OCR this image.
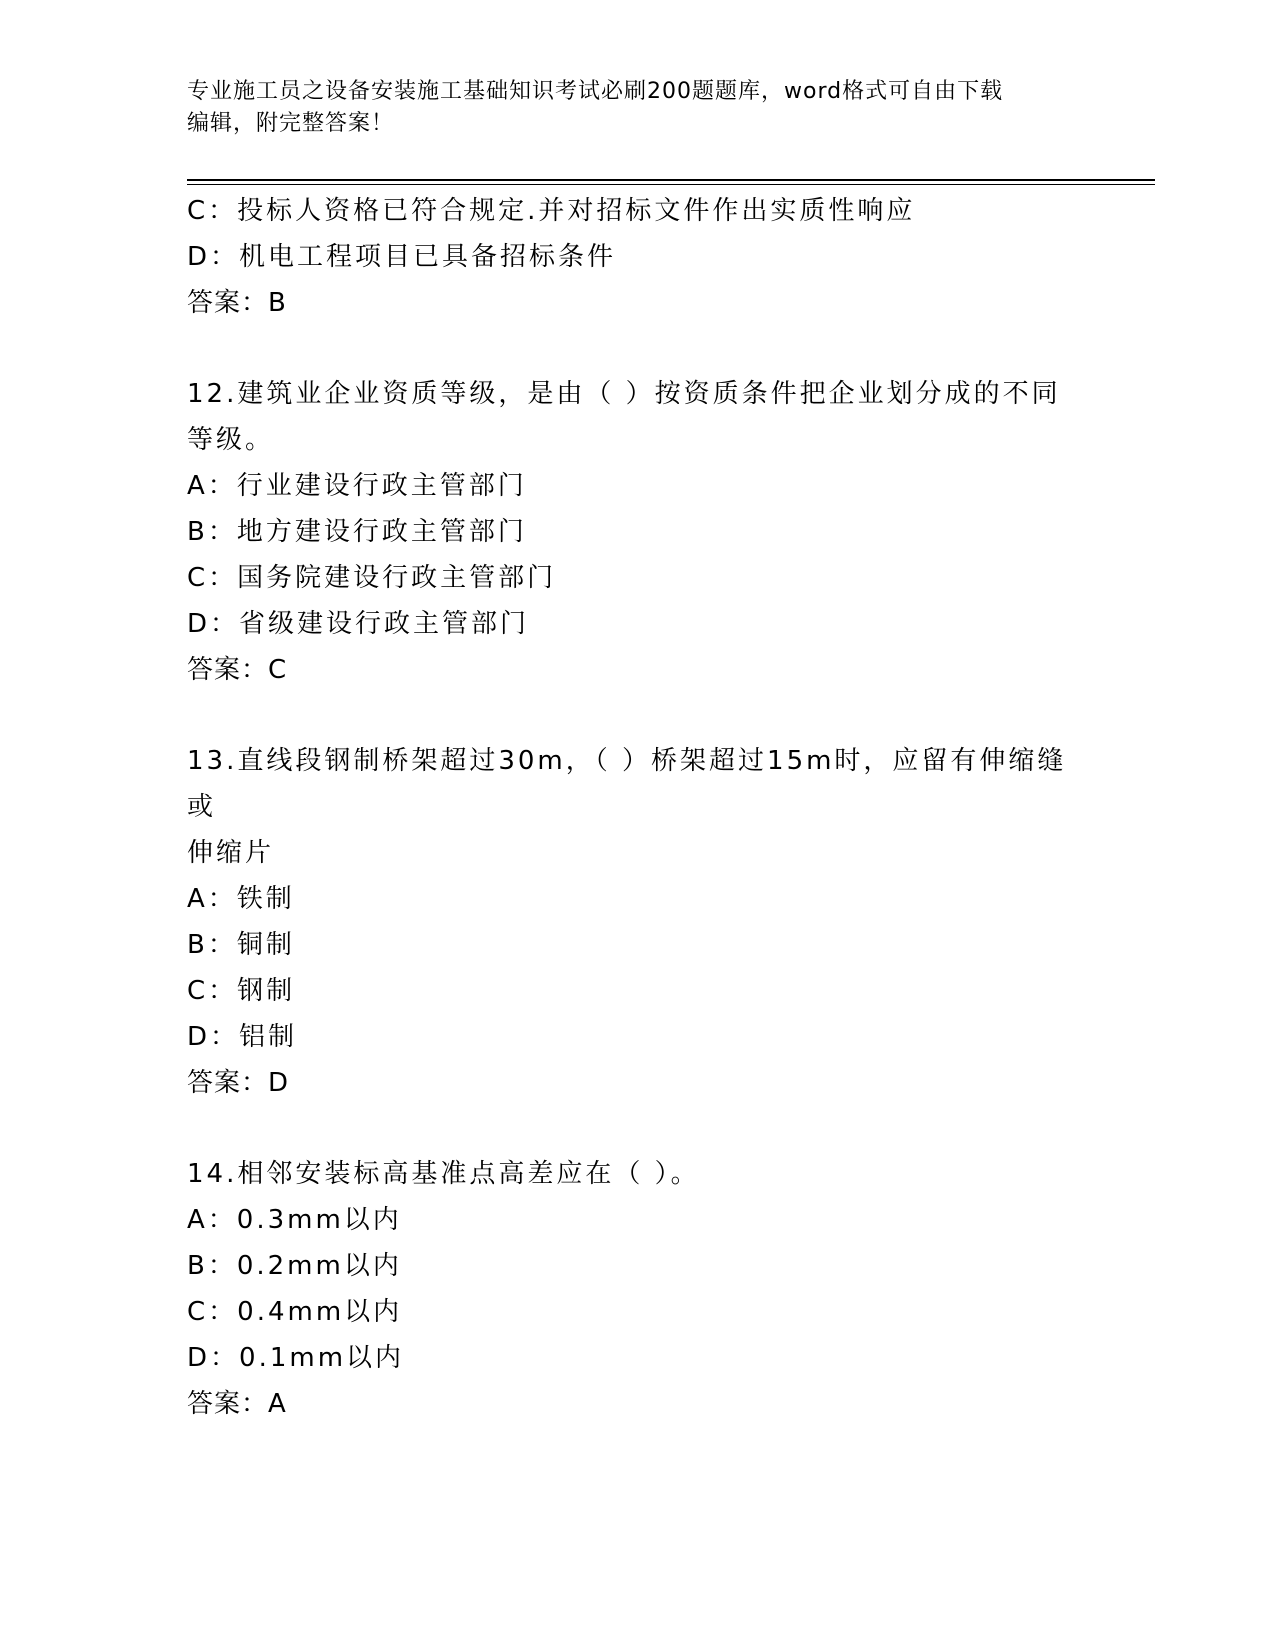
专业施工员之设备安装施工基础知识考试必刷200题题库，word格式可自由下载
编辑，附完整答案！
C：投标人资格已符合规定.并对招标文件作出实质性响应
D：机电工程项目已具备招标条件
答案：B
12.建筑业企业资质等级，是由（ ）按资质条件把企业划分成的不同
等级。
A：行业建设行政主管部门
B：地方建设行政主管部门
C：国务院建设行政主管部门
D：省级建设行政主管部门
答案：C
13.直线段钢制桥架超过30m，（ ）桥架超过15m时，应留有伸缩缝或
伸缩片
A：铁制
B：铜制
C：钢制
D：铝制
答案：D
14.相邻安装标高基准点高差应在（ ）。
A：0.3mm以内
B：0.2mm以内
C：0.4mm以内
D：0.1mm以内
答案：A
